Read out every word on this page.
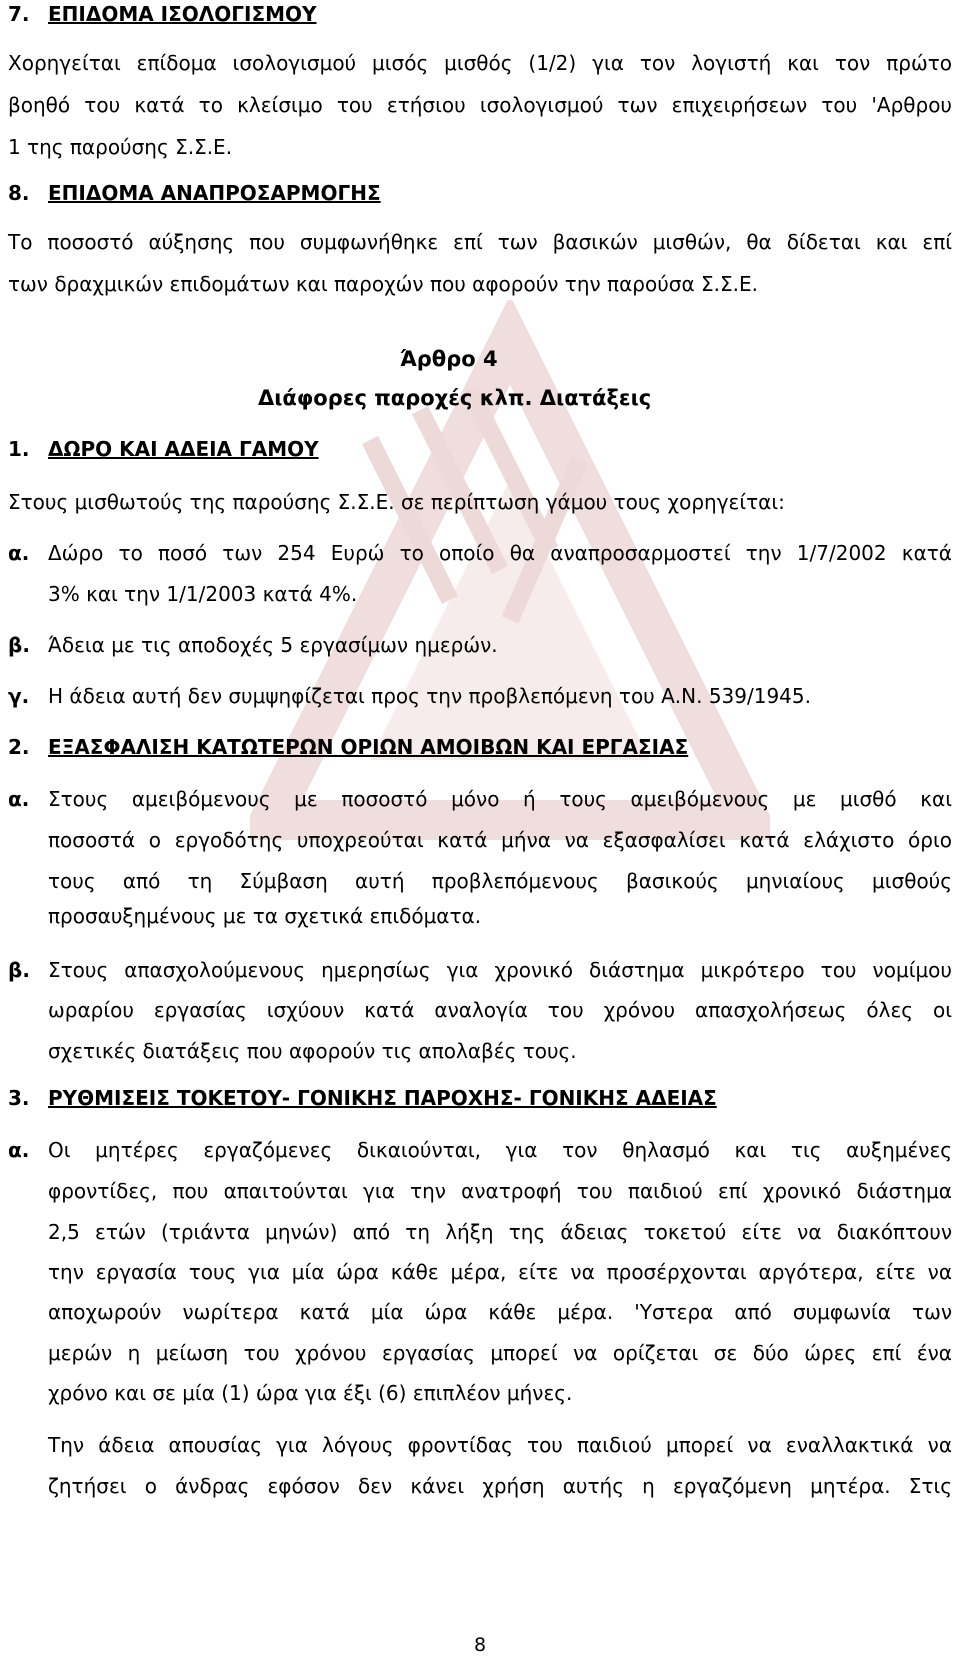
7. ΕΠΙΔΟΜΑ ΙΣΟΛΟΓΙΣΜΟΥ
Χορηγείται επίδομα ισολογισμού μισός μισθός (1/2) για τον λογιστή και τον πρώτο
βοηθό του κατά το κλείσιμο του ετήσιου ισολογισμού των επιχειρήσεων του 'Αρθρου
1 της παρούσης Σ.Σ.Ε.
8. ΕΠΙΔΟΜΑ ΑΝΑΠΡΟΣΑΡΜΟΓΗΣ
Το ποσοστό αύξησης που συμφωνήθηκε επί των βασικών μισθών, θα δίδεται και επί
των δραχμικών επιδομάτων και παροχών που αφορούν την παρούσα Σ.Σ.Ε.
Άρθρο 4
Διάφορες παροχές κλπ. Διατάξεις
1. ΔΩΡΟ ΚΑΙ ΑΔΕΙΑ ΓΑΜΟΥ
Στους μισθωτούς της παρούσης Σ.Σ.Ε. σε περίπτωση γάμου τους χορηγείται:
α. Δώρο το ποσό των 254 Ευρώ το οποίο θα αναπροσαρμοστεί την 1/7/2002 κατά
3% και την 1/1/2003 κατά 4%.
β. Άδεια με τις αποδοχές 5 εργασίμων ημερών.
γ. Η άδεια αυτή δεν συμψηφίζεται προς την προβλεπόμενη του Α.Ν. 539/1945.
2. ΕΞΑΣΦΑΛΙΣΗ ΚΑΤΩΤΕΡΩΝ ΟΡΙΩΝ ΑΜΟΙΒΩΝ ΚΑΙ ΕΡΓΑΣΙΑΣ
α. Στους αμειβόμενους με ποσοστό μόνο ή τους αμειβόμενους με μισθό και
ποσοστά ο εργοδότης υποχρεούται κατά μήνα να εξασφαλίσει κατά ελάχιστο όριο
τους από τη Σύμβαση αυτή προβλεπόμενους βασικούς μηνιαίους μισθούς
προσαυξημένους με τα σχετικά επιδόματα.
β. Στους απασχολούμενους ημερησίως για χρονικό διάστημα μικρότερο του νομίμου
ωραρίου εργασίας ισχύουν κατά αναλογία του χρόνου απασχολήσεως όλες οι
σχετικές διατάξεις που αφορούν τις απολαβές τους.
3. ΡΥΘΜΙΣΕΙΣ ΤΟΚΕΤΟΥ- ΓΟΝΙΚΗΣ ΠΑΡΟΧΗΣ- ΓΟΝΙΚΗΣ ΑΔΕΙΑΣ
α. Οι μητέρες εργαζόμενες δικαιούνται, για τον θηλασμό και τις αυξημένες
φροντίδες, που απαιτούνται για την ανατροφή του παιδιού επί χρονικό διάστημα
2,5 ετών (τριάντα μηνών) από τη λήξη της άδειας τοκετού είτε να διακόπτουν
την εργασία τους για μία ώρα κάθε μέρα, είτε να προσέρχονται αργότερα, είτε να
αποχωρούν νωρίτερα κατά μία ώρα κάθε μέρα. 'Υστερα από συμφωνία των
μερών η μείωση του χρόνου εργασίας μπορεί να ορίζεται σε δύο ώρες επί ένα
χρόνο και σε μία (1) ώρα για έξι (6) επιπλέον μήνες.
Την άδεια απουσίας για λόγους φροντίδας του παιδιού μπορεί να εναλλακτικά να
ζητήσει ο άνδρας εφόσον δεν κάνει χρήση αυτής η εργαζόμενη μητέρα. Στις
8
